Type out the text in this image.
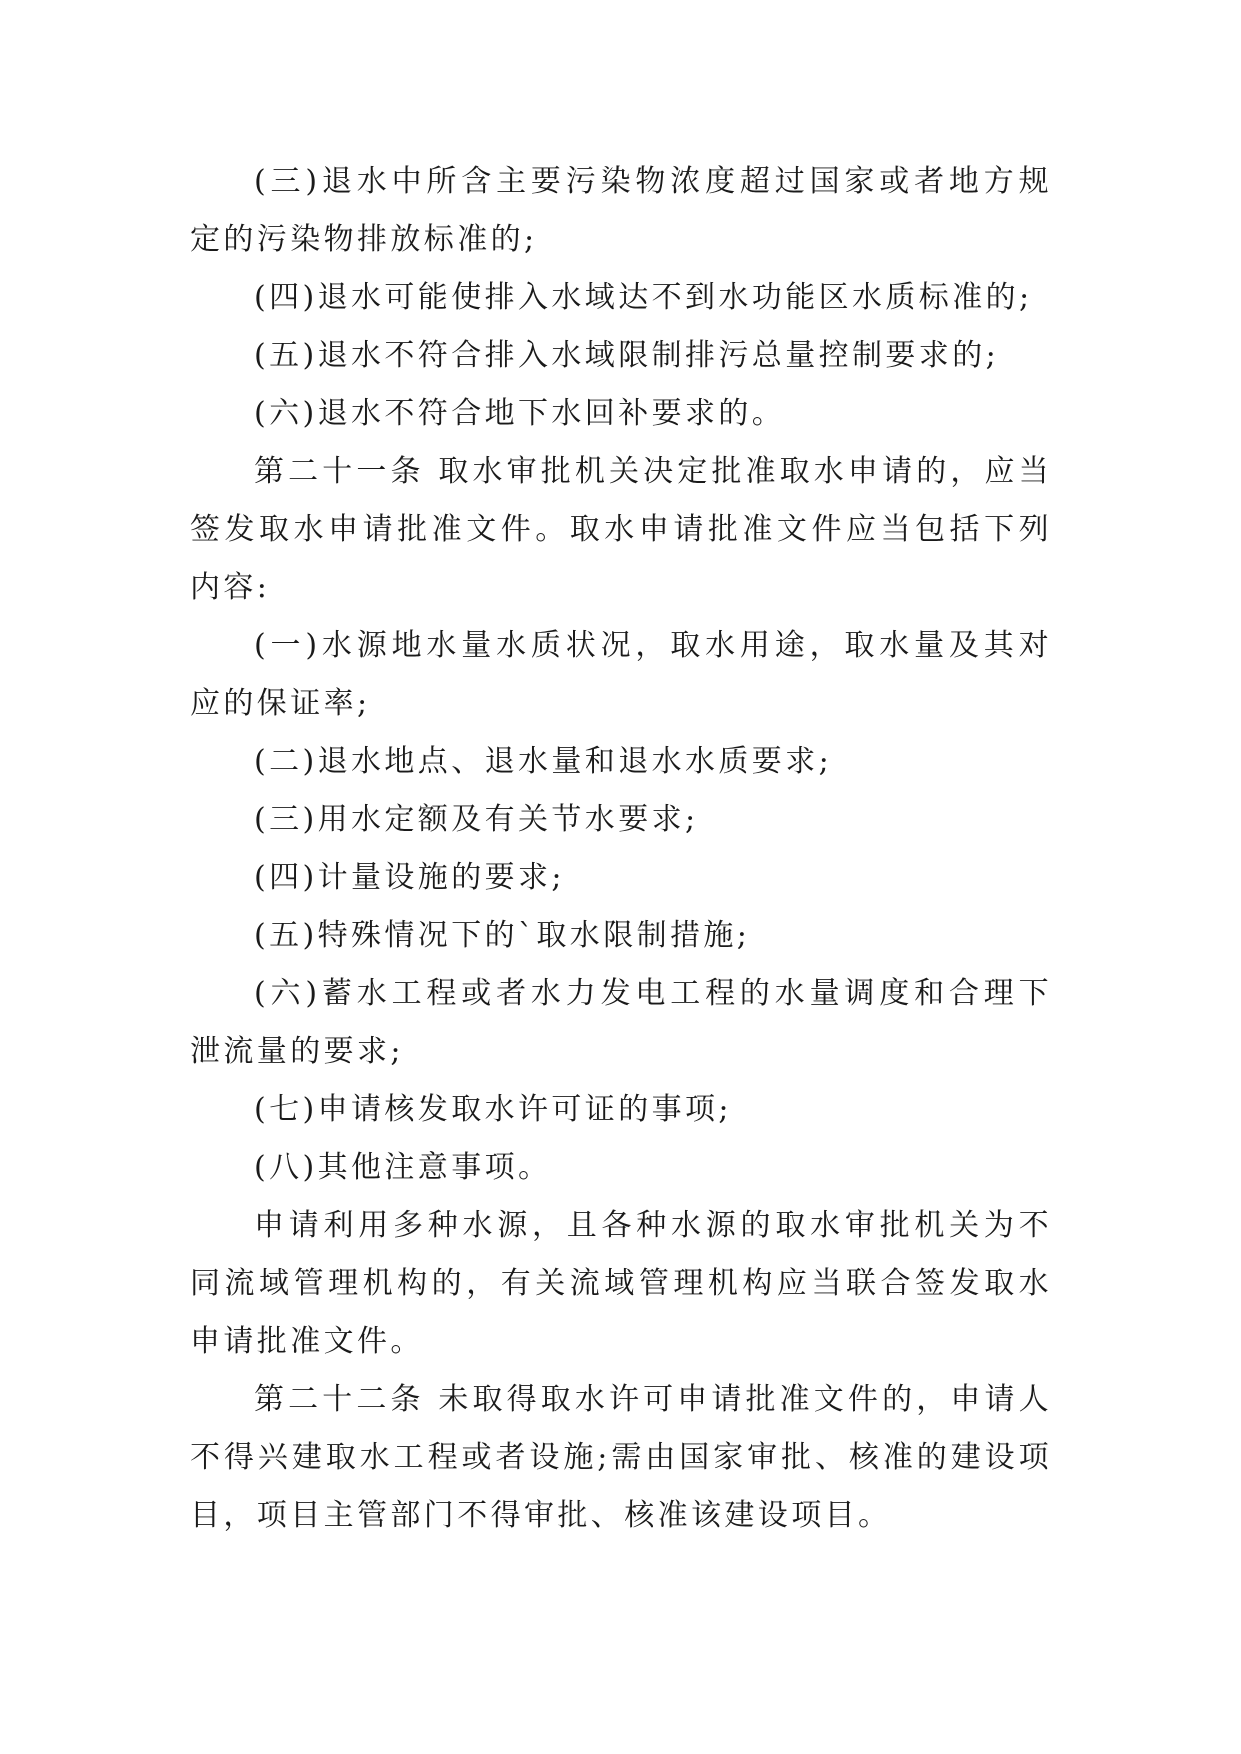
(三)退水中所含主要污染物浓度超过国家或者地方规定的污染物排放标准的;

(四)退水可能使排入水域达不到水功能区水质标准的;

(五)退水不符合排入水域限制排污总量控制要求的;

(六)退水不符合地下水回补要求的。

第二十一条 取水审批机关决定批准取水申请的，应当签发取水申请批准文件。取水申请批准文件应当包括下列内容:

(一)水源地水量水质状况，取水用途，取水量及其对应的保证率;

(二)退水地点、退水量和退水水质要求;

(三)用水定额及有关节水要求;

(四)计量设施的要求;

(五)特殊情况下的`取水限制措施;

(六)蓄水工程或者水力发电工程的水量调度和合理下泄流量的要求;

(七)申请核发取水许可证的事项;

(八)其他注意事项。

申请利用多种水源，且各种水源的取水审批机关为不同流域管理机构的，有关流域管理机构应当联合签发取水申请批准文件。

第二十二条 未取得取水许可申请批准文件的，申请人不得兴建取水工程或者设施;需由国家审批、核准的建设项目，项目主管部门不得审批、核准该建设项目。
